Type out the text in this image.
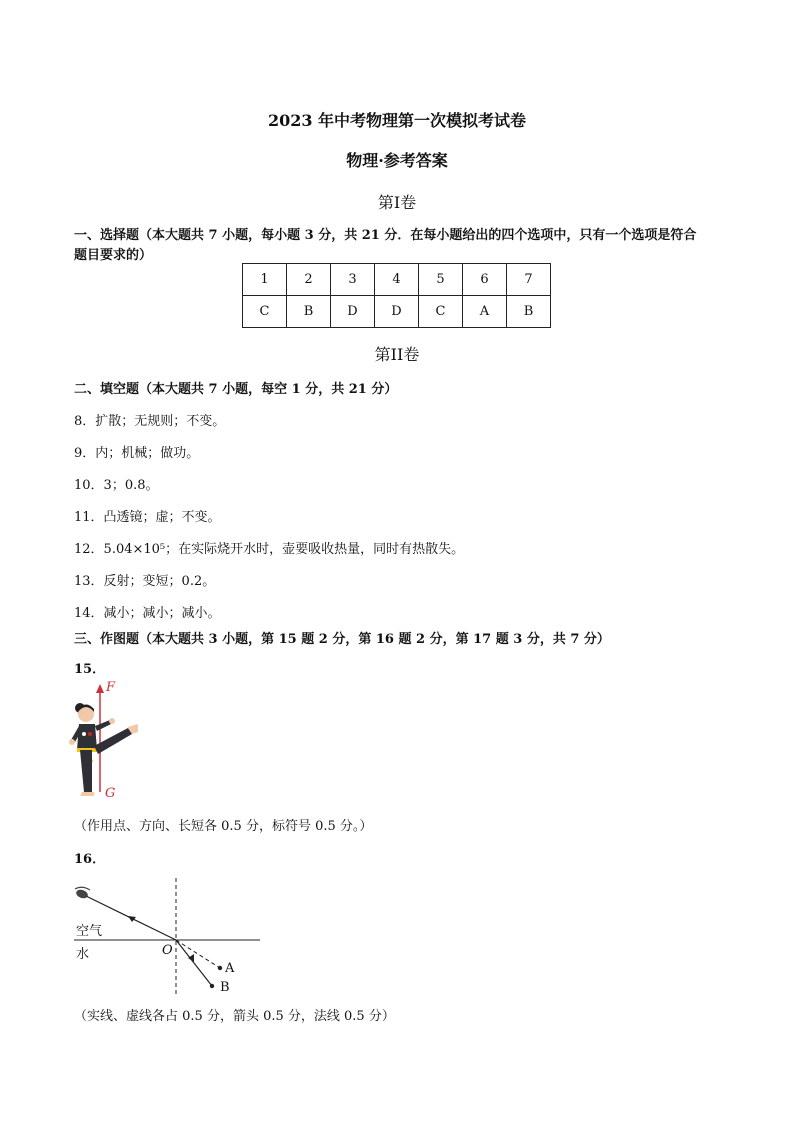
2023 年中考物理第一次模拟考试卷
物理·参考答案
第Ⅰ卷
一、选择题（本大题共 7 小题，每小题 3 分，共 21 分．在每小题给出的四个选项中，只有一个选项是符合
题目要求的）
1	2	3	4	5	6	7
C	B	D	D	C	A	B
第II卷
二、填空题（本大题共 7 小题，每空 1 分，共 21 分）
8．扩散；无规则；不变。
9．内；机械；做功。
10．3；0.8。
11．凸透镜；虚；不变。
12．5.04×10⁵；在实际烧开水时，壶要吸收热量，同时有热散失。
13．反射；变短；0.2。
14．减小；减小；减小。
三、作图题（本大题共 3 小题，第 15 题 2 分，第 16 题 2 分，第 17 题 3 分，共 7 分）
15．
F
G
（作用点、方向、长短各 0.5 分，标符号 0.5 分。）
16．
空气
水	O
A
B
（实线、虚线各占 0.5 分，箭头 0.5 分，法线 0.5 分）
